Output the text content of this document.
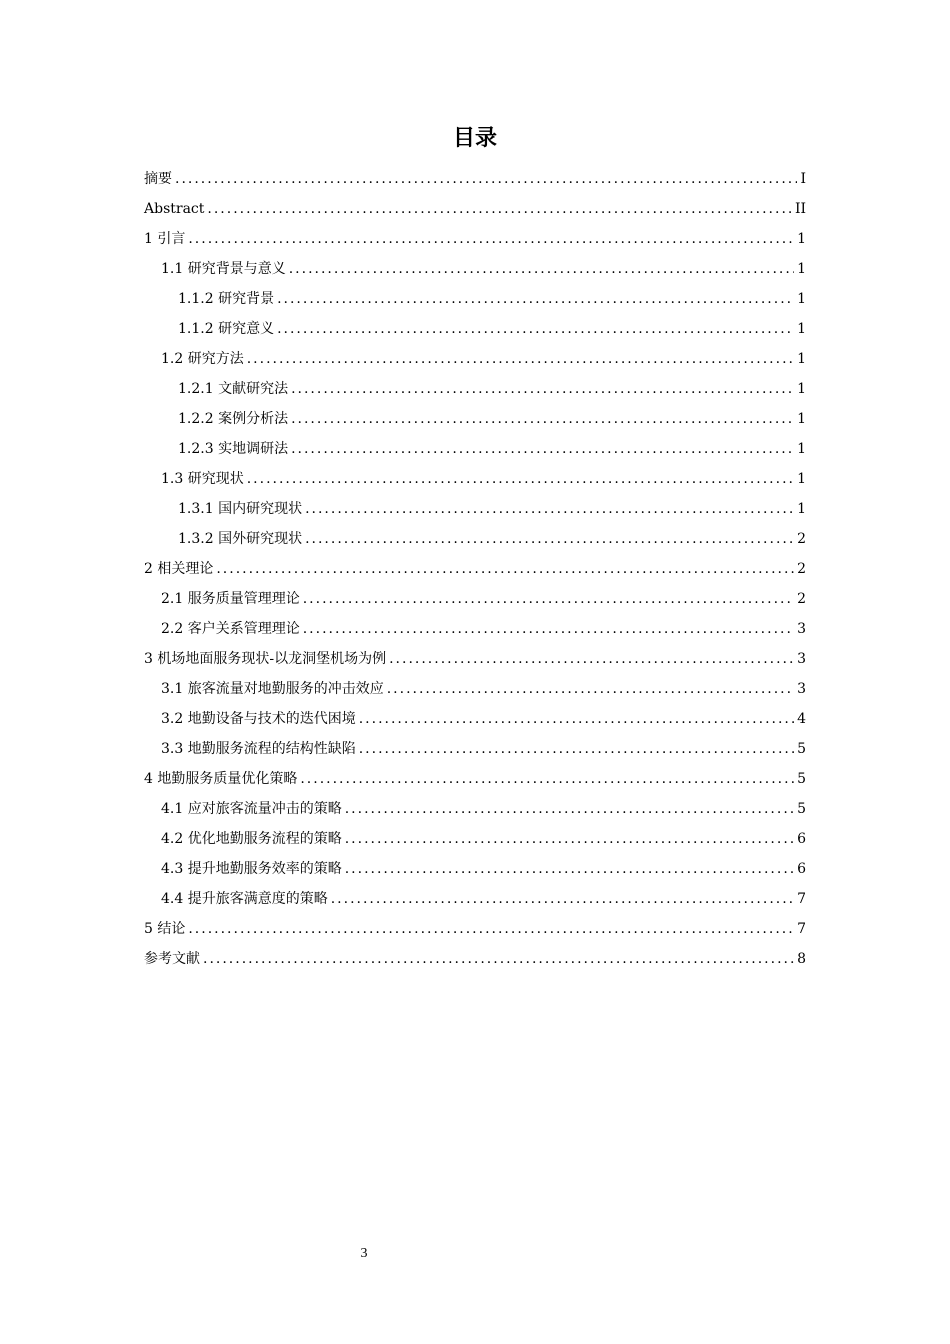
目录
摘要 .....	I
Abstract .....	II
1 引言 .....	1
1.1 研究背景与意义 .....	1
1.1.2 研究背景 .....	1
1.1.2 研究意义 .....	1
1.2 研究方法 .....	1
1.2.1 文献研究法 .....	1
1.2.2 案例分析法 .....	1
1.2.3 实地调研法 .....	1
1.3 研究现状 .....	1
1.3.1 国内研究现状 .....	1
1.3.2 国外研究现状 .....	2
2 相关理论 .....	2
2.1 服务质量管理理论 .....	2
2.2 客户关系管理理论 .....	3
3 机场地面服务现状-以龙洞堡机场为例 .....	3
3.1 旅客流量对地勤服务的冲击效应 .....	3
3.2 地勤设备与技术的迭代困境 .....	4
3.3 地勤服务流程的结构性缺陷 .....	5
4 地勤服务质量优化策略 .....	5
4.1 应对旅客流量冲击的策略 .....	5
4.2 优化地勤服务流程的策略 .....	6
4.3 提升地勤服务效率的策略 .....	6
4.4 提升旅客满意度的策略 .....	7
5 结论 .....	7
参考文献 .....	8
3
